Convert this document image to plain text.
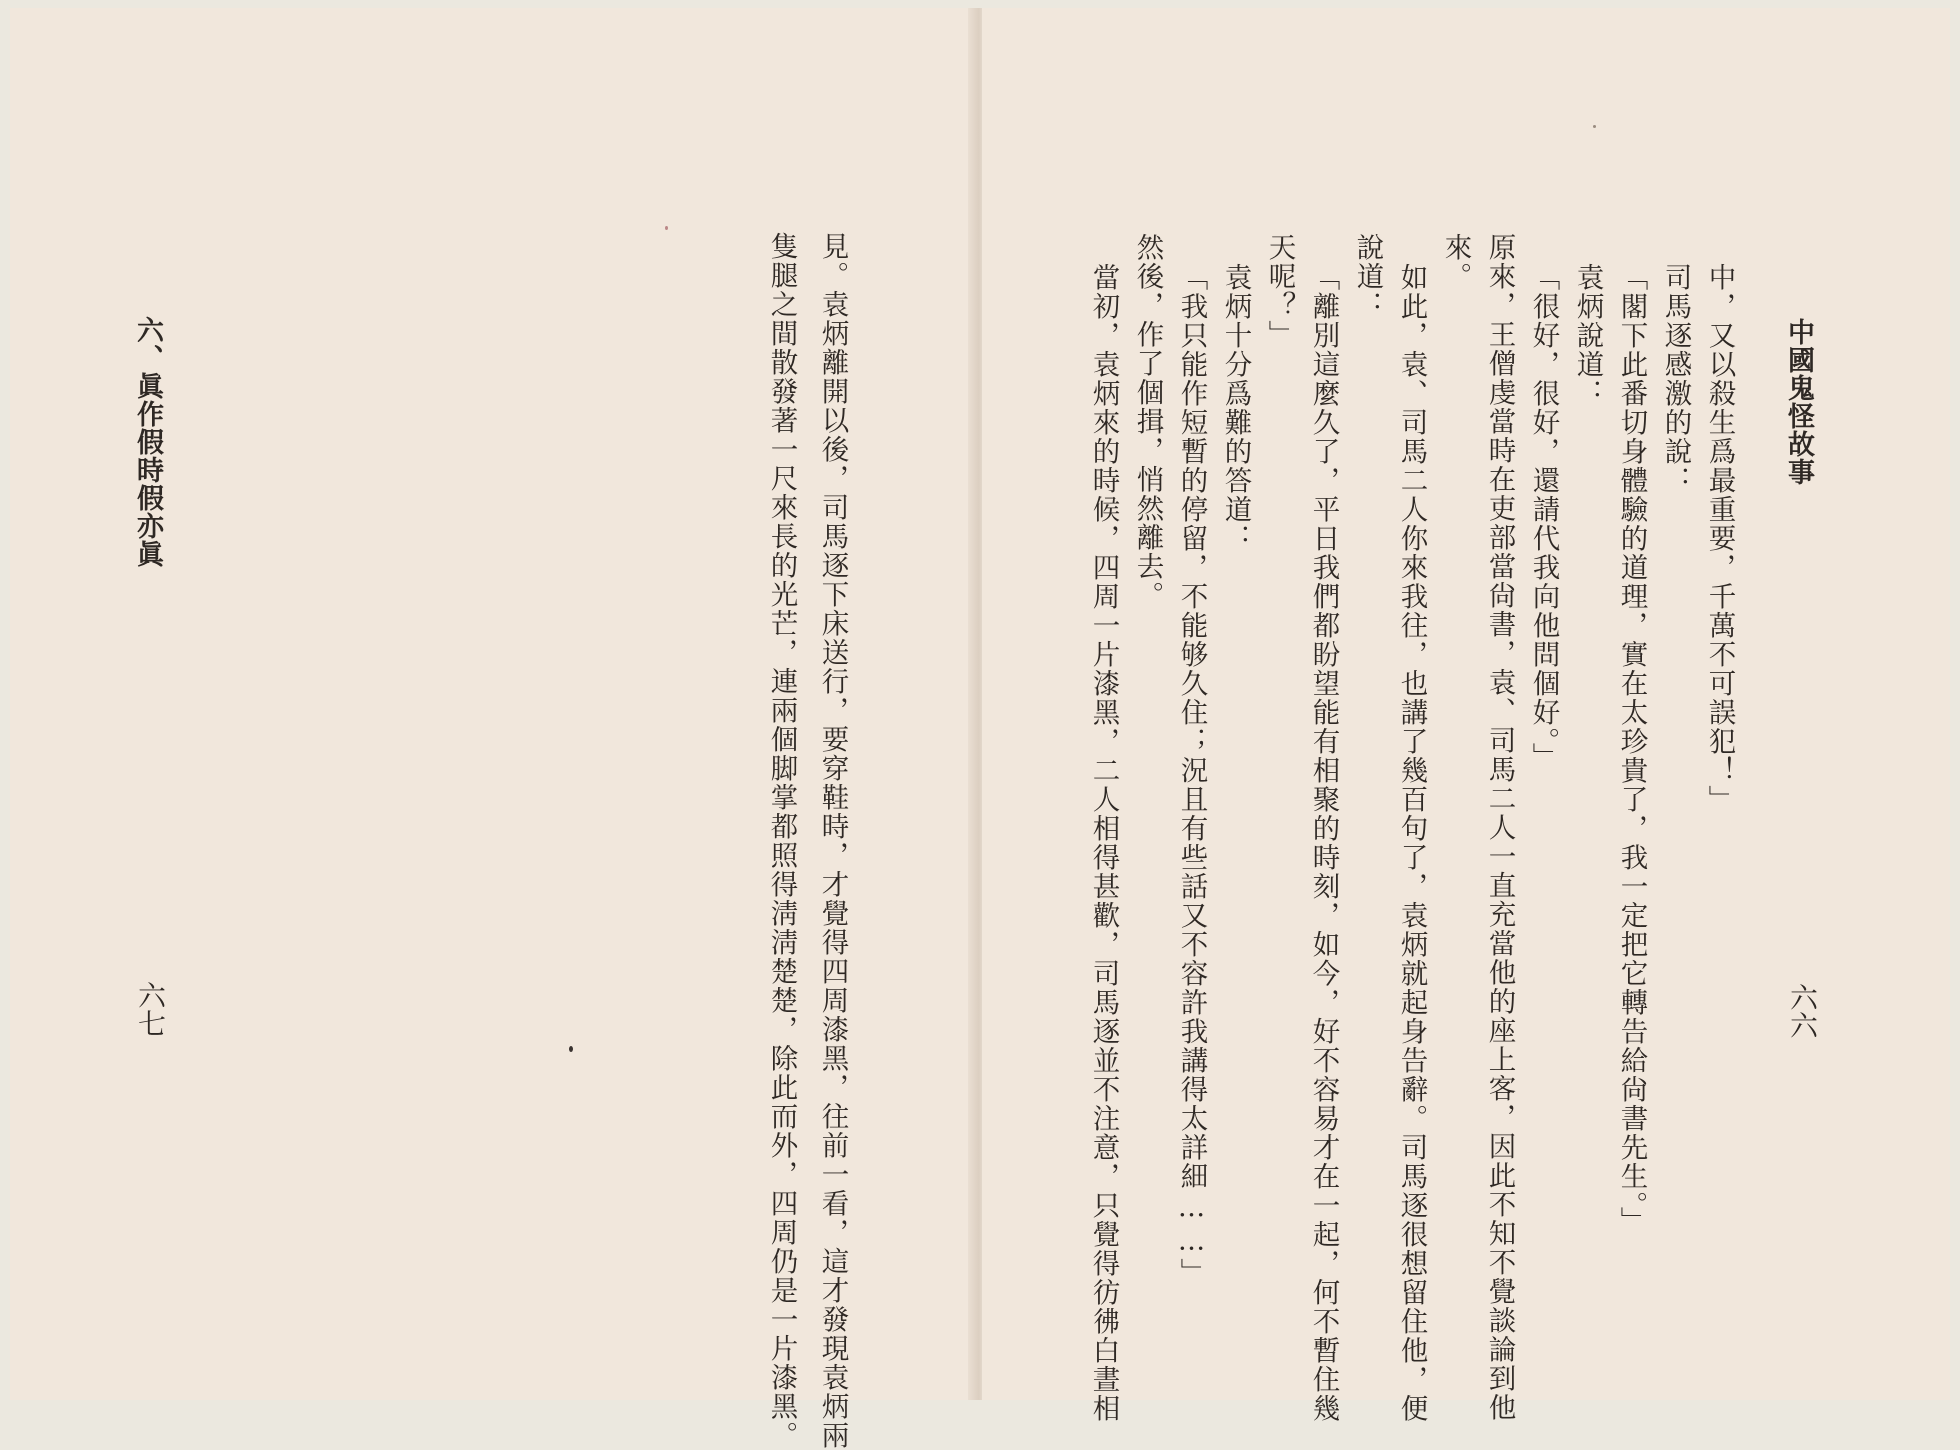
六、眞作假時假亦眞
六七	見。袁炳離開以後，司馬逐下床送行，要穿鞋時，才覺得四周漆黑，往前一看，這才發現袁炳兩
隻腿之間散發著一尺來長的光芒，連兩個脚掌都照得淸淸楚楚，除此而外，四周仍是一片漆黑。	中國鬼怪故事
六六
中，又以殺生爲最重要，千萬不可誤犯！」
司馬逐感激的說：
「閣下此番切身體驗的道理，實在太珍貴了，我一定把它轉告給尙書先生。」
袁炳說道：
「很好，很好，還請代我向他問個好。」
原來，王僧虔當時在吏部當尙書，袁、司馬二人一直充當他的座上客，因此不知不覺談論到他
來。
如此，袁、司馬二人你來我往，也講了幾百句了，袁炳就起身告辭。司馬逐很想留住他，便
說道：
「離別這麼久了，平日我們都盼望能有相聚的時刻，如今，好不容易才在一起，何不暫住幾
天呢？」
袁炳十分爲難的答道：
「我只能作短暫的停留，不能够久住；況且有些話又不容許我講得太詳細……」
然後，作了個揖，悄然離去。
當初，袁炳來的時候，四周一片漆黑，二人相得甚歡，司馬逐並不注意，只覺得彷彿白晝相
